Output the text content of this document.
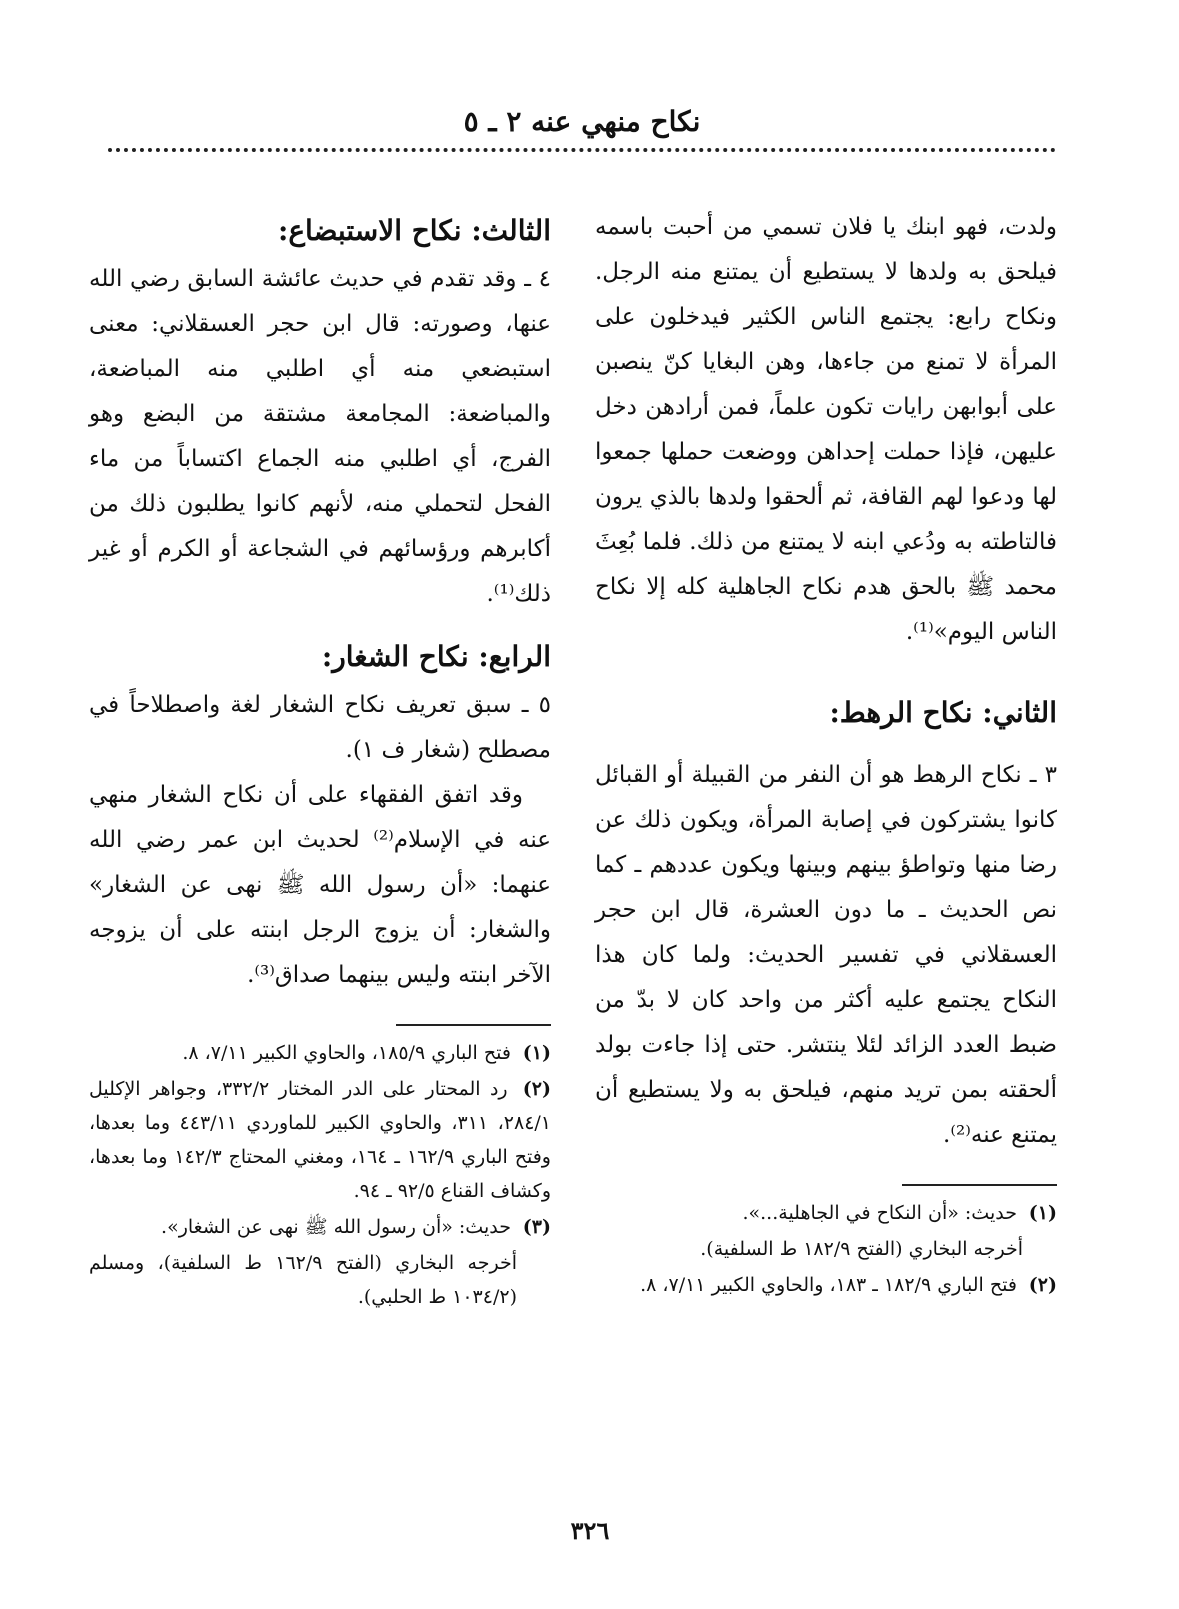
نكاح منهي عنه ٢ ـ ٥

ولدت، فهو ابنك يا فلان تسمي من أحبت باسمه فيلحق به ولدها لا يستطيع أن يمتنع منه الرجل. ونكاح رابع: يجتمع الناس الكثير فيدخلون على المرأة لا تمنع من جاءها، وهن البغايا كنّ ينصبن على أبوابهن رايات تكون علماً، فمن أرادهن دخل عليهن، فإذا حملت إحداهن ووضعت حملها جمعوا لها ودعوا لهم القافة، ثم ألحقوا ولدها بالذي يرون فالتاطته به ودُعي ابنه لا يمتنع من ذلك. فلما بُعِثَ محمد ﷺ بالحق هدم نكاح الجاهلية كله إلا نكاح الناس اليوم»⁽¹⁾.

الثاني: نكاح الرهط:

٣ ـ نكاح الرهط هو أن النفر من القبيلة أو القبائل كانوا يشتركون في إصابة المرأة، ويكون ذلك عن رضا منها وتواطؤ بينهم وبينها ويكون عددهم ـ كما نص الحديث ـ ما دون العشرة، قال ابن حجر العسقلاني في تفسير الحديث: ولما كان هذا النكاح يجتمع عليه أكثر من واحد كان لا بدّ من ضبط العدد الزائد لئلا ينتشر. حتى إذا جاءت بولد ألحقته بمن تريد منهم، فيلحق به ولا يستطيع أن يمتنع عنه⁽²⁾.

(١) حديث: «أن النكاح في الجاهلية...».

أخرجه البخاري (الفتح ١٨٢/٩ ط السلفية).

(٢) فتح الباري ١٨٢/٩ ـ ١٨٣، والحاوي الكبير ٧/١١، ٨.

الثالث: نكاح الاستبضاع:

٤ ـ وقد تقدم في حديث عائشة السابق رضي الله عنها، وصورته: قال ابن حجر العسقلاني: معنى استبضعي منه أي اطلبي منه المباضعة، والمباضعة: المجامعة مشتقة من البضع وهو الفرج، أي اطلبي منه الجماع اكتساباً من ماء الفحل لتحملي منه، لأنهم كانوا يطلبون ذلك من أكابرهم ورؤسائهم في الشجاعة أو الكرم أو غير ذلك⁽¹⁾.

الرابع: نكاح الشغار:

٥ ـ سبق تعريف نكاح الشغار لغة واصطلاحاً في مصطلح (شغار ف ١).

وقد اتفق الفقهاء على أن نكاح الشغار منهي عنه في الإسلام⁽²⁾ لحديث ابن عمر رضي الله عنهما: «أن رسول الله ﷺ نهى عن الشغار» والشغار: أن يزوج الرجل ابنته على أن يزوجه الآخر ابنته وليس بينهما صداق⁽³⁾.

(١) فتح الباري ١٨٥/٩، والحاوي الكبير ٧/١١، ٨.

(٢) رد المحتار على الدر المختار ٣٣٢/٢، وجواهر الإكليل ٢٨٤/١، ٣١١، والحاوي الكبير للماوردي ٤٤٣/١١ وما بعدها، وفتح الباري ١٦٢/٩ ـ ١٦٤، ومغني المحتاج ١٤٢/٣ وما بعدها، وكشاف القناع ٩٢/٥ ـ ٩٤.

(٣) حديث: «أن رسول الله ﷺ نهى عن الشغار».

أخرجه البخاري (الفتح ١٦٢/٩ ط السلفية)، ومسلم (١٠٣٤/٢ ط الحلبي).

٣٢٦
